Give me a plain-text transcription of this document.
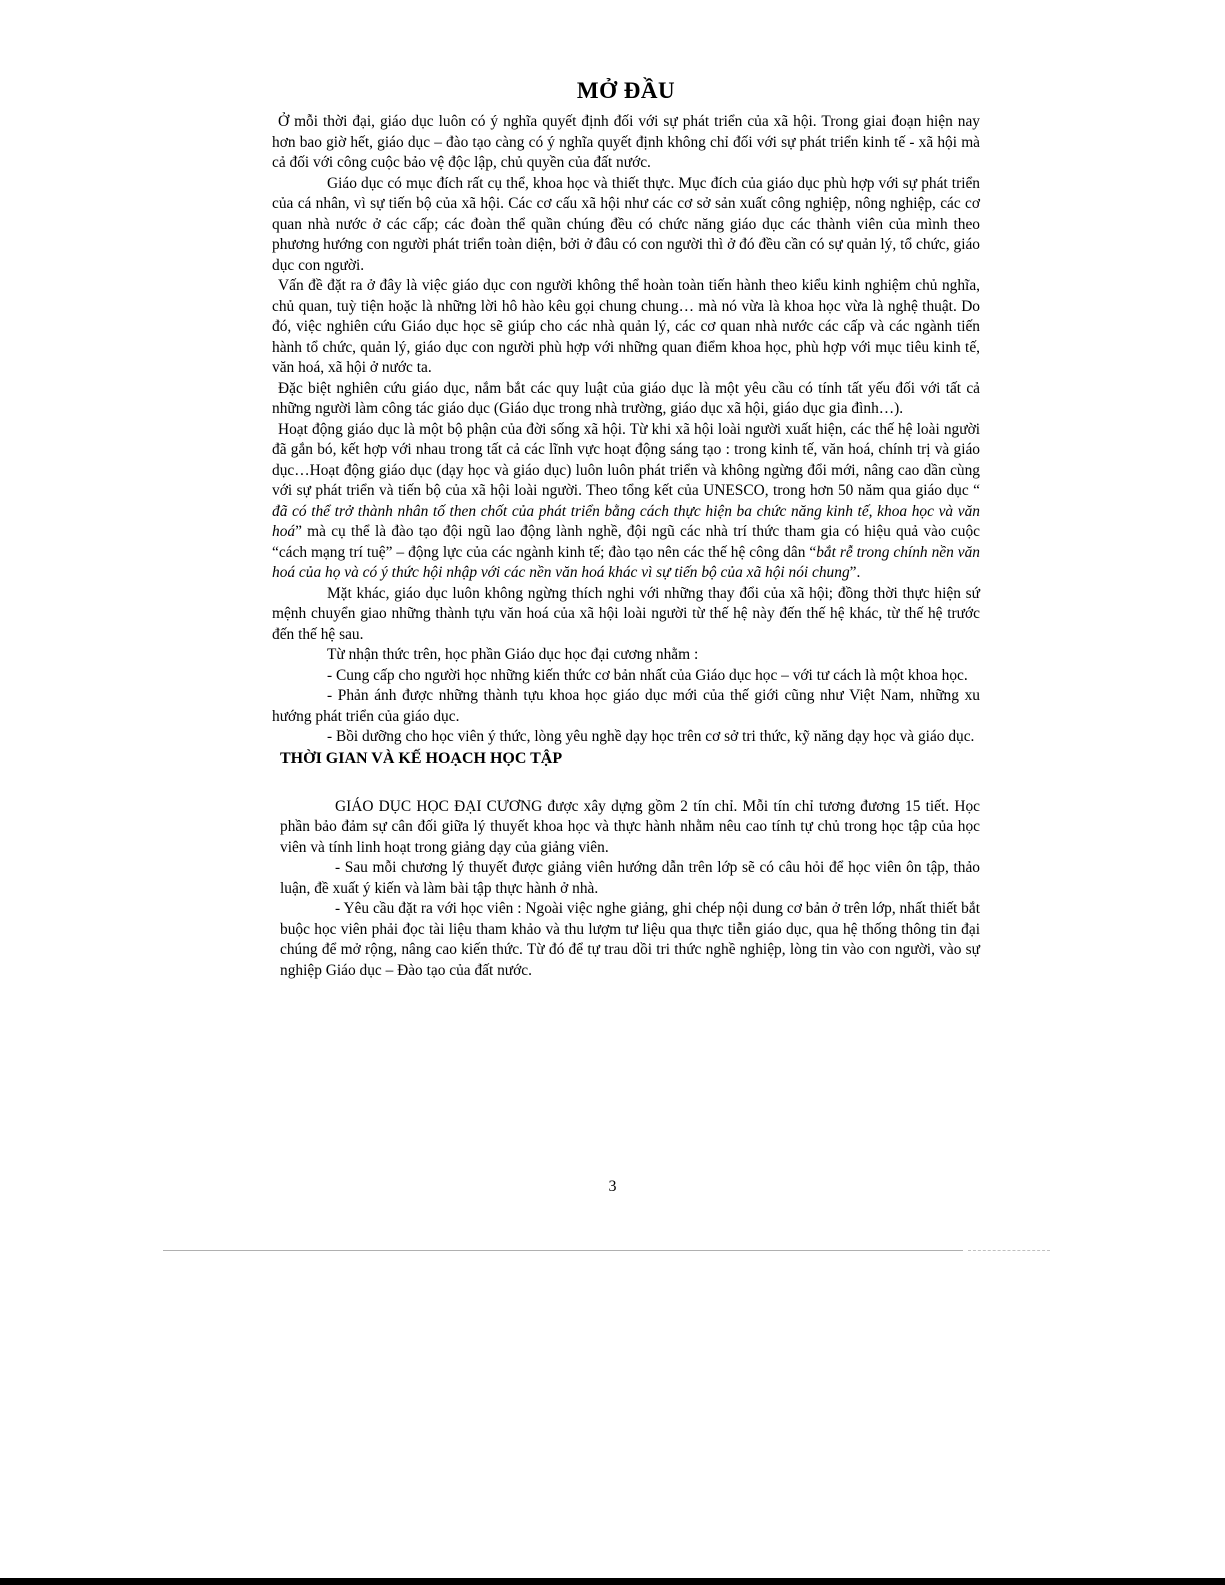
MỞ ĐẦU

Ở mỗi thời đại, giáo dục luôn có ý nghĩa quyết định đối với sự phát triển của xã hội. Trong giai đoạn hiện nay hơn bao giờ hết, giáo dục – đào tạo càng có ý nghĩa quyết định không chỉ đối với sự phát triển kinh tế - xã hội mà cả đối với công cuộc bảo vệ độc lập, chủ quyền của đất nước.

Giáo dục có mục đích rất cụ thể, khoa học và thiết thực. Mục đích của giáo dục phù hợp với sự phát triển của cá nhân, vì sự tiến bộ của xã hội. Các cơ cấu xã hội như các cơ sở sản xuất công nghiệp, nông nghiệp, các cơ quan nhà nước ở các cấp; các đoàn thể quần chúng đều có chức năng giáo dục các thành viên của mình theo phương hướng con người phát triển toàn diện, bởi ở đâu có con người thì ở đó đều cần có sự quản lý, tổ chức, giáo dục con người.

Vấn đề đặt ra ở đây là việc giáo dục con người không thể hoàn toàn tiến hành theo kiểu kinh nghiệm chủ nghĩa, chủ quan, tuỳ tiện hoặc là những lời hô hào kêu gọi chung chung… mà nó vừa là khoa học vừa là nghệ thuật. Do đó, việc nghiên cứu Giáo dục học sẽ giúp cho các nhà quản lý, các cơ quan nhà nước các cấp và các ngành tiến hành tổ chức, quản lý, giáo dục con người phù hợp với những quan điểm khoa học, phù hợp với mục tiêu kinh tế, văn hoá, xã hội ở nước ta.

Đặc biệt nghiên cứu giáo dục, nắm bắt các quy luật của giáo dục là một yêu cầu có tính tất yếu đối với tất cả những người làm công tác giáo dục (Giáo dục trong nhà trường, giáo dục xã hội, giáo dục gia đình…).

Hoạt động giáo dục là một bộ phận của đời sống xã hội. Từ khi xã hội loài người xuất hiện, các thế hệ loài người đã gắn bó, kết hợp với nhau trong tất cả các lĩnh vực hoạt động sáng tạo : trong kinh tế, văn hoá, chính trị và giáo dục…Hoạt động giáo dục (dạy học và giáo dục) luôn luôn phát triển và không ngừng đổi mới, nâng cao dần cùng với sự phát triển và tiến bộ của xã hội loài người. Theo tổng kết của UNESCO, trong hơn 50 năm qua giáo dục “ đã có thể trở thành nhân tố then chốt của phát triển bằng cách thực hiện ba chức năng kinh tế, khoa học và văn hoá” mà cụ thể là đào tạo đội ngũ lao động lành nghề, đội ngũ các nhà trí thức tham gia có hiệu quả vào cuộc “cách mạng trí tuệ” – động lực của các ngành kinh tế; đào tạo nên các thế hệ công dân “bắt rễ trong chính nền văn hoá của họ và có ý thức hội nhập với các nền văn hoá khác vì sự tiến bộ của xã hội nói chung”.

Mặt khác, giáo dục luôn không ngừng thích nghi với những thay đổi của xã hội; đồng thời thực hiện sứ mệnh chuyển giao những thành tựu văn hoá của xã hội loài người từ thế hệ này đến thế hệ khác, từ thế hệ trước đến thế hệ sau.

Từ nhận thức trên, học phần Giáo dục học đại cương nhằm :

- Cung cấp cho người học những kiến thức cơ bản nhất của Giáo dục học – với tư cách là một khoa học.

- Phản ánh được những thành tựu khoa học giáo dục mới của thế giới cũng như Việt Nam, những xu hướng phát triển của giáo dục.

- Bồi dưỡng cho học viên ý thức, lòng yêu nghề dạy học trên cơ sở tri thức, kỹ năng dạy học và giáo dục.

THỜI GIAN VÀ KẾ HOẠCH HỌC TẬP

GIÁO DỤC HỌC ĐẠI CƯƠNG được xây dựng gồm 2 tín chỉ. Mỗi tín chỉ tương đương 15 tiết. Học phần bảo đảm sự cân đối giữa lý thuyết khoa học và thực hành nhằm nêu cao tính tự chủ trong học tập của học viên và tính linh hoạt trong giảng dạy của giảng viên.

- Sau mỗi chương lý thuyết được giảng viên hướng dẫn trên lớp sẽ có câu hỏi để học viên ôn tập, thảo luận, đề xuất ý kiến và làm bài tập thực hành ở nhà.

- Yêu cầu đặt ra với học viên : Ngoài việc nghe giảng, ghi chép nội dung cơ bản ở trên lớp, nhất thiết bắt buộc học viên phải đọc tài liệu tham khảo và thu lượm tư liệu qua thực tiễn giáo dục, qua hệ thống thông tin đại chúng để mở rộng, nâng cao kiến thức. Từ đó để tự trau dồi tri thức nghề nghiệp, lòng tin vào con người, vào sự nghiệp Giáo dục – Đào tạo của đất nước.

3
